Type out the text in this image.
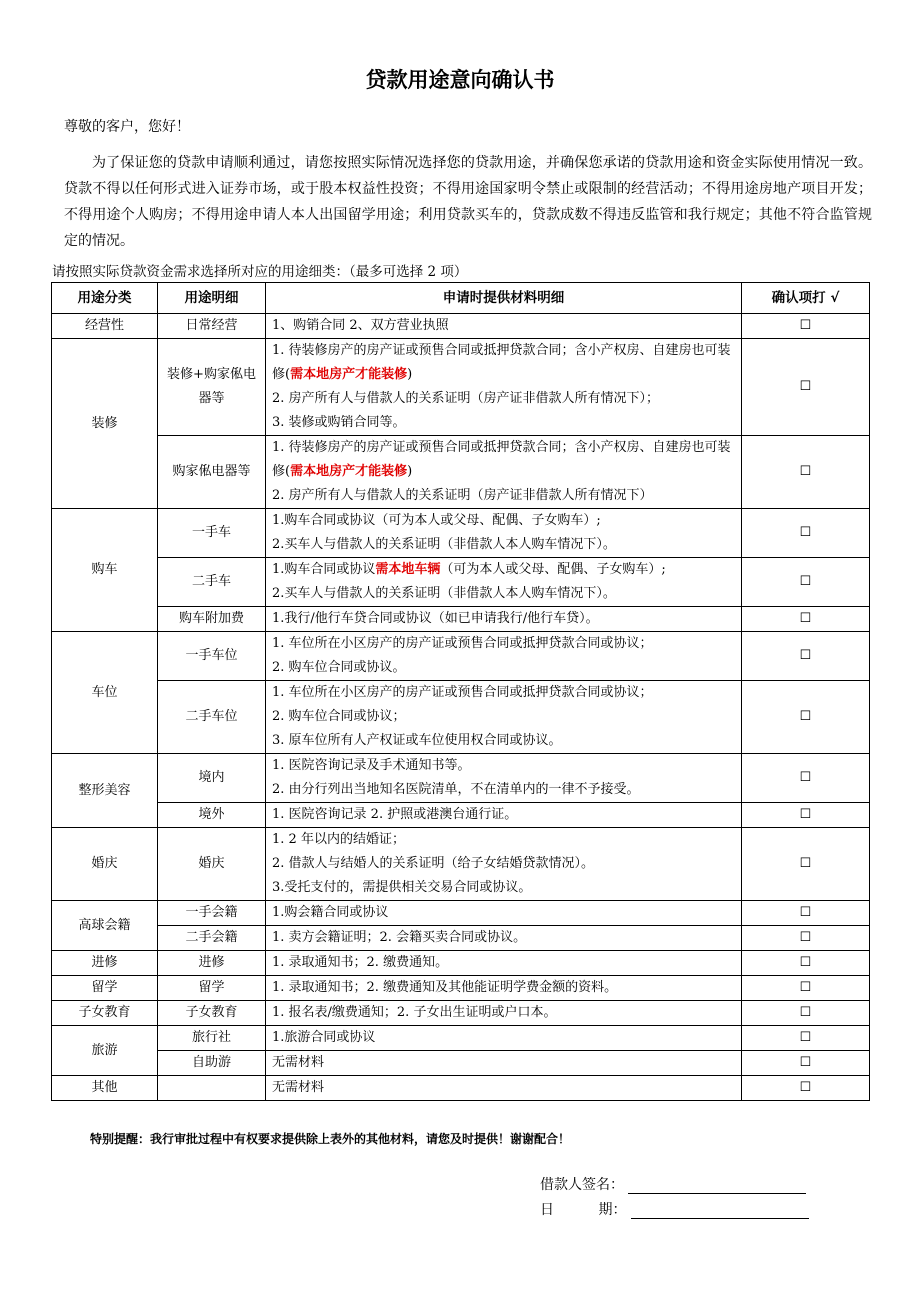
贷款用途意向确认书
尊敬的客户，您好！
为了保证您的贷款申请顺利通过，请您按照实际情况选择您的贷款用途，并确保您承诺的贷款用途和资金实际使用情况一致。贷款不得以任何形式进入证券市场，或于股本权益性投资；不得用途国家明令禁止或限制的经营活动；不得用途房地产项目开发；不得用途个人购房；不得用途申请人本人出国留学用途；利用贷款买车的，贷款成数不得违反监管和我行规定；其他不符合监管规定的情况。
请按照实际贷款资金需求选择所对应的用途细类：（最多可选择 2 项）
用途分类	用途明细	申请时提供材料明细	确认项打 √
经营性	日常经营	1、购销合同 2、双方营业执照	☐
装修	装修+购家俬电器等	1. 待装修房产的房产证或预售合同或抵押贷款合同；含小产权房、自建房也可装修(需本地房产才能装修)
2. 房产所有人与借款人的关系证明（房产证非借款人所有情况下）；
3. 装修或购销合同等。	☐
	购家俬电器等	1. 待装修房产的房产证或预售合同或抵押贷款合同；含小产权房、自建房也可装修(需本地房产才能装修)
2. 房产所有人与借款人的关系证明（房产证非借款人所有情况下）	☐
购车	一手车	1.购车合同或协议（可为本人或父母、配偶、子女购车）;
2.买车人与借款人的关系证明（非借款人本人购车情况下）。	☐
	二手车	1.购车合同或协议需本地车辆（可为本人或父母、配偶、子女购车）;
2.买车人与借款人的关系证明（非借款人本人购车情况下）。	☐
	购车附加费	1.我行/他行车贷合同或协议（如已申请我行/他行车贷）。	☐
车位	一手车位	1. 车位所在小区房产的房产证或预售合同或抵押贷款合同或协议；
2. 购车位合同或协议。	☐
	二手车位	1. 车位所在小区房产的房产证或预售合同或抵押贷款合同或协议；
2. 购车位合同或协议；
3. 原车位所有人产权证或车位使用权合同或协议。	☐
整形美容	境内	1. 医院咨询记录及手术通知书等。
2. 由分行列出当地知名医院清单，不在清单内的一律不予接受。	☐
	境外	1. 医院咨询记录 2. 护照或港澳台通行证。	☐
婚庆	婚庆	1. 2 年以内的结婚证；
2. 借款人与结婚人的关系证明（给子女结婚贷款情况）。
3.受托支付的，需提供相关交易合同或协议。	☐
高球会籍	一手会籍	1.购会籍合同或协议	☐
	二手会籍	1. 卖方会籍证明；2. 会籍买卖合同或协议。	☐
进修	进修	1. 录取通知书；2. 缴费通知。	☐
留学	留学	1. 录取通知书；2. 缴费通知及其他能证明学费金额的资料。	☐
子女教育	子女教育	1. 报名表/缴费通知；2. 子女出生证明或户口本。	☐
旅游	旅行社	1.旅游合同或协议	☐
	自助游	无需材料	☐
其他		无需材料	☐
特别提醒：我行审批过程中有权要求提供除上表外的其他材料，请您及时提供！谢谢配合！
借款人签名：
日          期：
